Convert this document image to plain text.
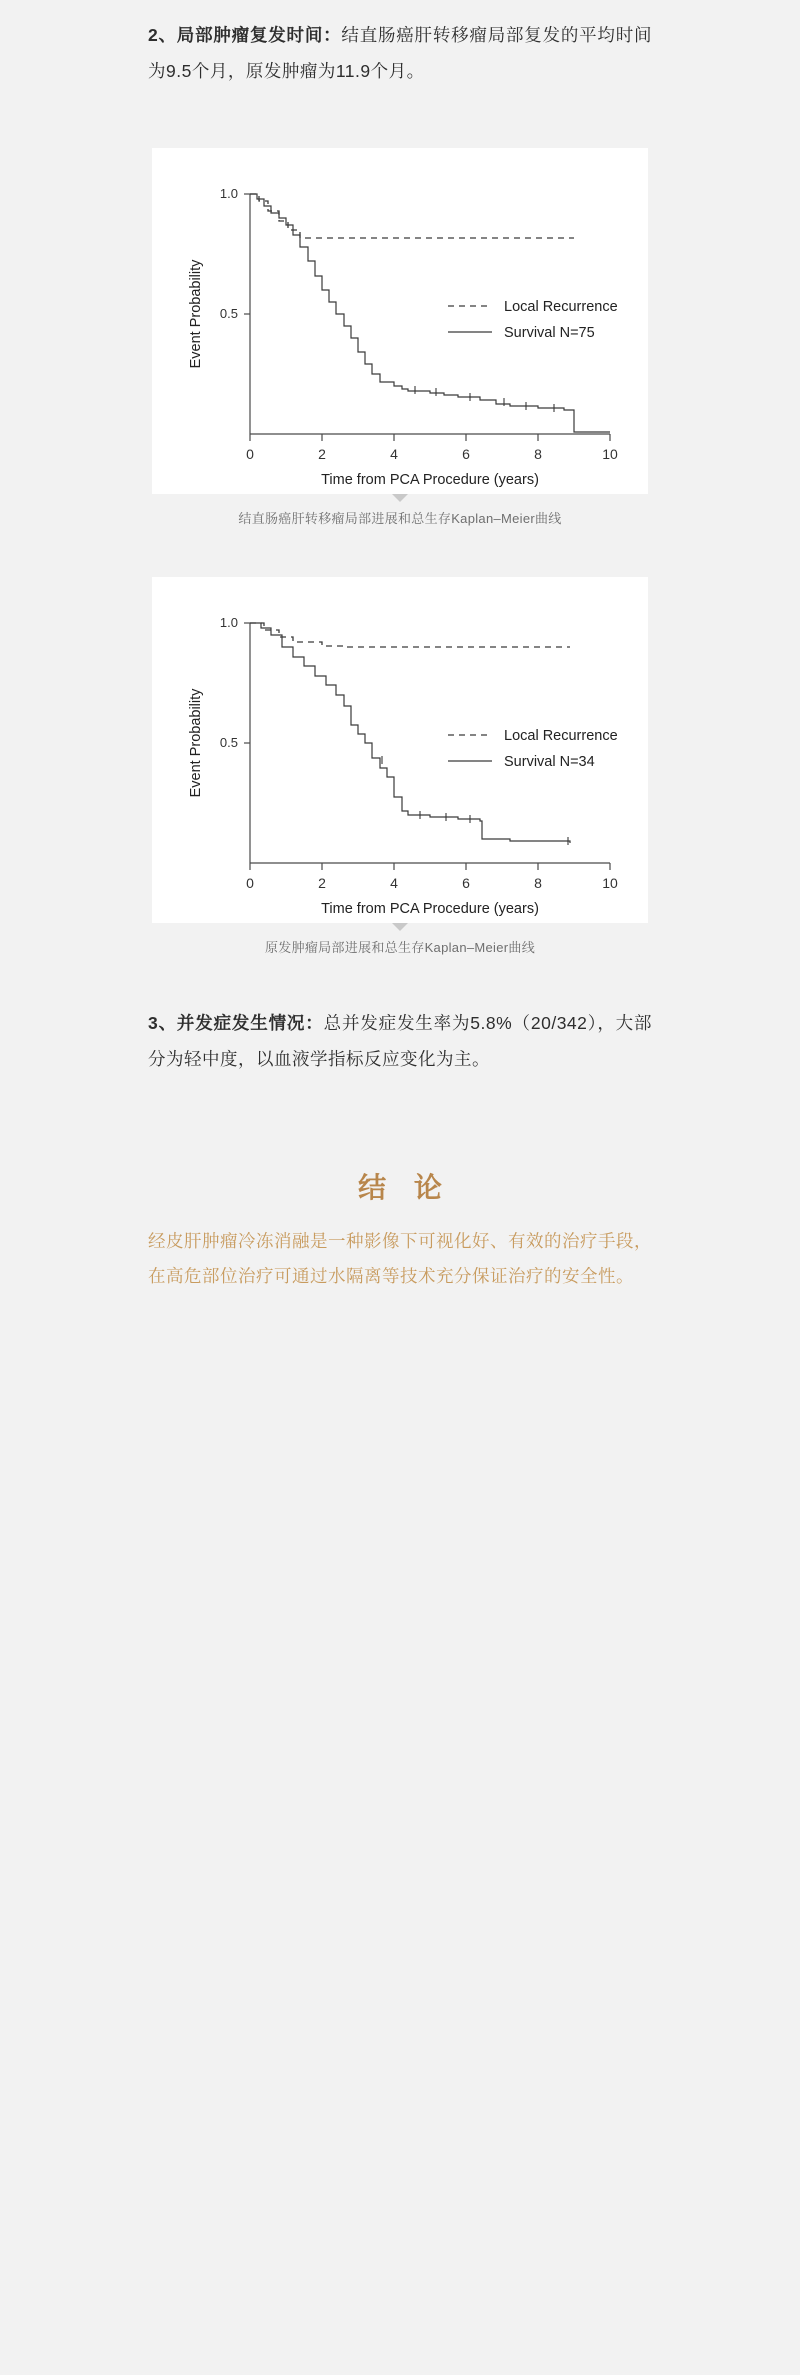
2、局部肿瘤复发时间：结直肠癌肝转移瘤局部复发的平均时间为9.5个月，原发肿瘤为11.9个月。

1.0
0.5
0	2	4	6	8	10
Time from PCA Procedure (years)
Event Probability	Local Recurrence
Survival N=75
结直肠癌肝转移瘤局部进展和总生存Kaplan–Meier曲线
1.0
0.5
0	2	4	6	8	10
Time from PCA Procedure (years)
Event Probability	Local Recurrence
Survival N=34
原发肿瘤局部进展和总生存Kaplan–Meier曲线

3、并发症发生情况：总并发症发生率为5.8%（20/342），大部分为轻中度，以血液学指标反应变化为主。

结 论

经皮肝肿瘤冷冻消融是一种影像下可视化好、有效的治疗手段，在高危部位治疗可通过水隔离等技术充分保证治疗的安全性。
